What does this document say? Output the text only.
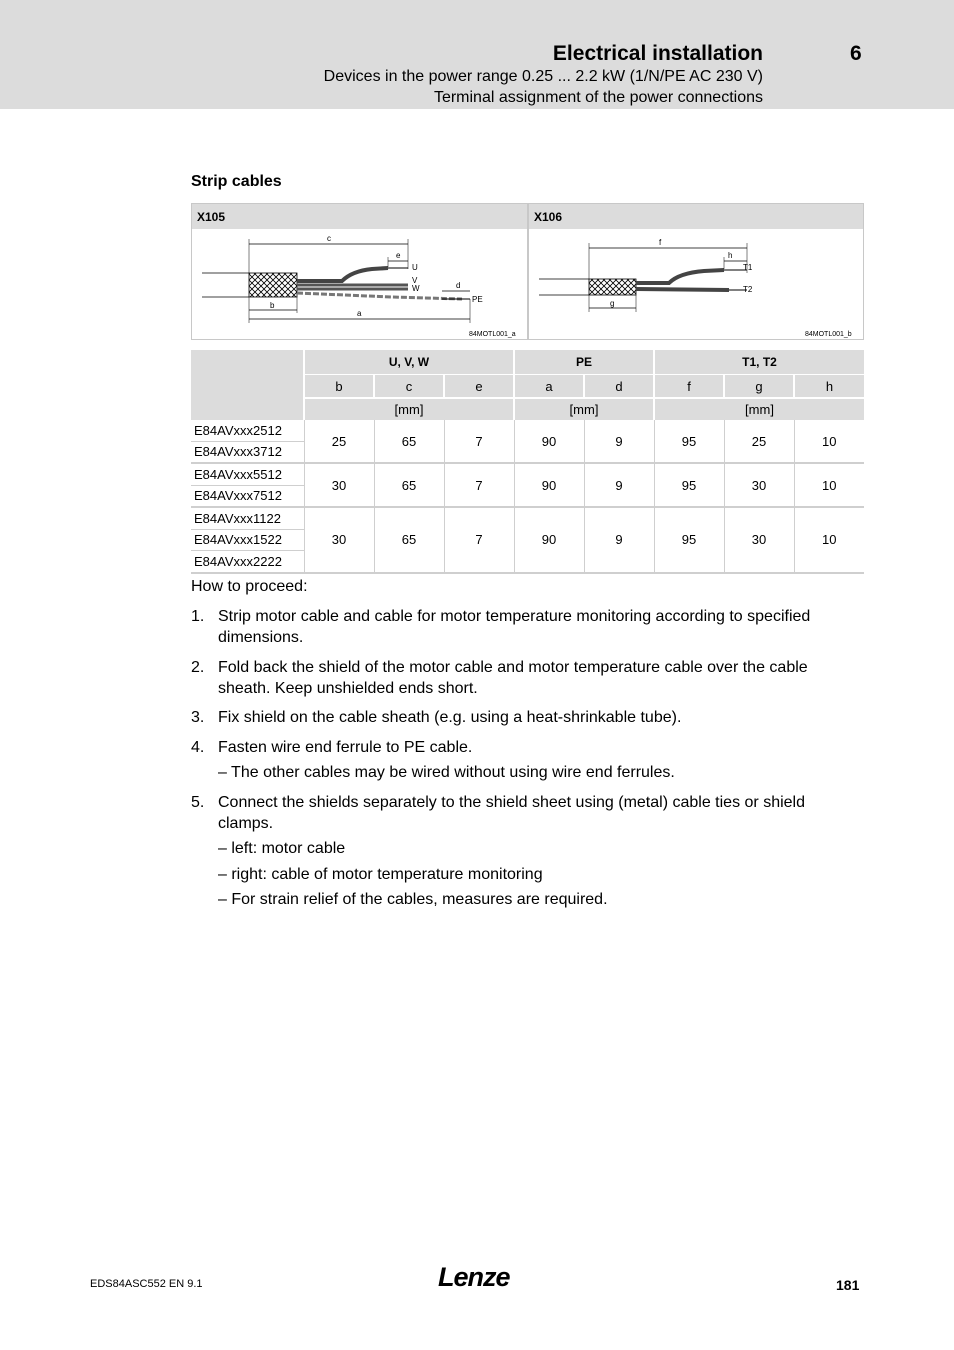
Electrical installation	6
Devices in the power range 0.25 ... 2.2 kW (1/N/PE AC 230 V)
Terminal assignment of the power connections
Strip cables
X105
c
e
U
V
W	d
PE
b
a
84MOTL001_a
X106
f
h
T1
T2
g
84MOTL001_b
	U, V, W			PE		T1, T2		
	b	c	e	a	d	f	g	h
	[mm]			[mm]		[mm]		
E84AVxxx2512	25	65	7	90	9	95	25	10
E84AVxxx3712								
E84AVxxx5512	30	65	7	90	9	95	30	10
E84AVxxx7512								
E84AVxxx1122	30	65	7	90	9	95	30	10
E84AVxxx1522								
E84AVxxx2222								
How to proceed:
1. Strip motor cable and cable for motor temperature monitoring according to specified dimensions.
2. Fold back the shield of the motor cable and motor temperature cable over the cable sheath. Keep unshielded ends short.
3. Fix shield on the cable sheath (e.g. using a heat-shrinkable tube).
4. Fasten wire end ferrule to PE cable.
– The other cables may be wired without using wire end ferrules.
5. Connect the shields separately to the shield sheet using (metal) cable ties or shield clamps.
– left: motor cable
– right: cable of motor temperature monitoring
– For strain relief of the cables, measures are required.
EDS84ASC552 EN 9.1	Lenze	181
